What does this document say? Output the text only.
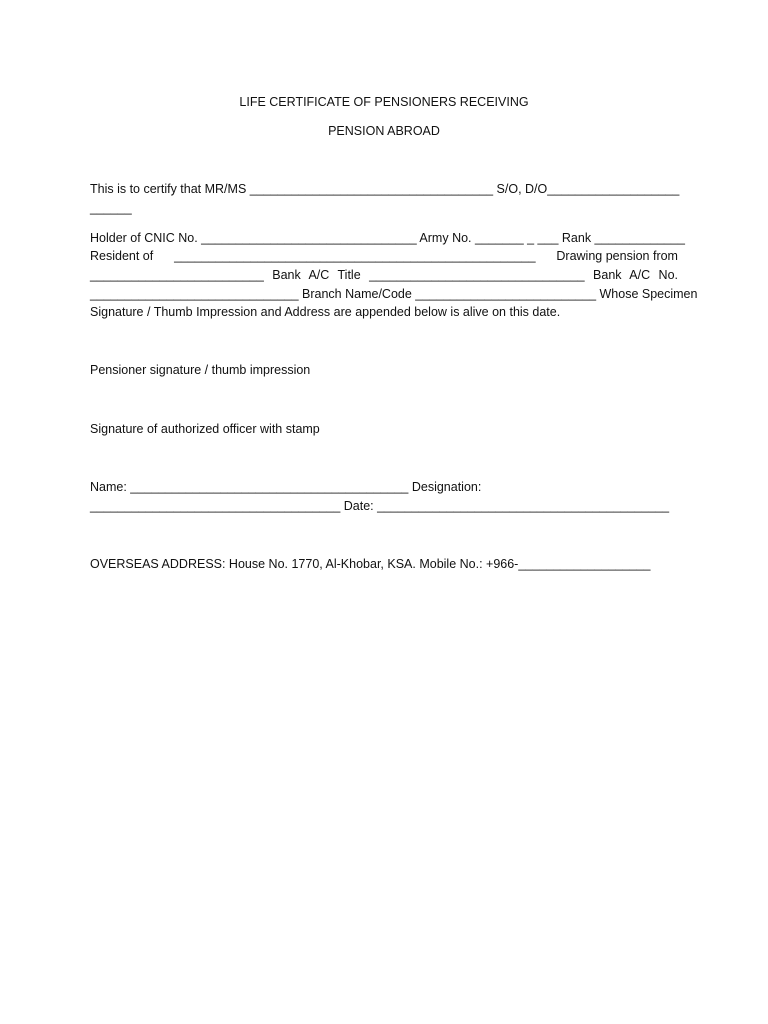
LIFE CERTIFICATE OF PENSIONERS RECEIVING
PENSION ABROAD
This is to certify that MR/MS ___________________________________ S/O, D/O___________________
______
Holder of CNIC No. _______________________________ Army No. _______ _ ___ Rank _____________
Resident of ____________________________________________________ Drawing pension from
_________________________ Bank A/C Title _______________________________ Bank A/C No.
______________________________ Branch Name/Code __________________________ Whose Specimen
Signature / Thumb Impression and Address are appended below is alive on this date.
Pensioner signature / thumb impression
Signature of authorized officer with stamp
Name: ________________________________________ Designation:
____________________________________ Date: __________________________________________
OVERSEAS ADDRESS: House No. 1770, Al-Khobar, KSA. Mobile No.: +966-___________________
